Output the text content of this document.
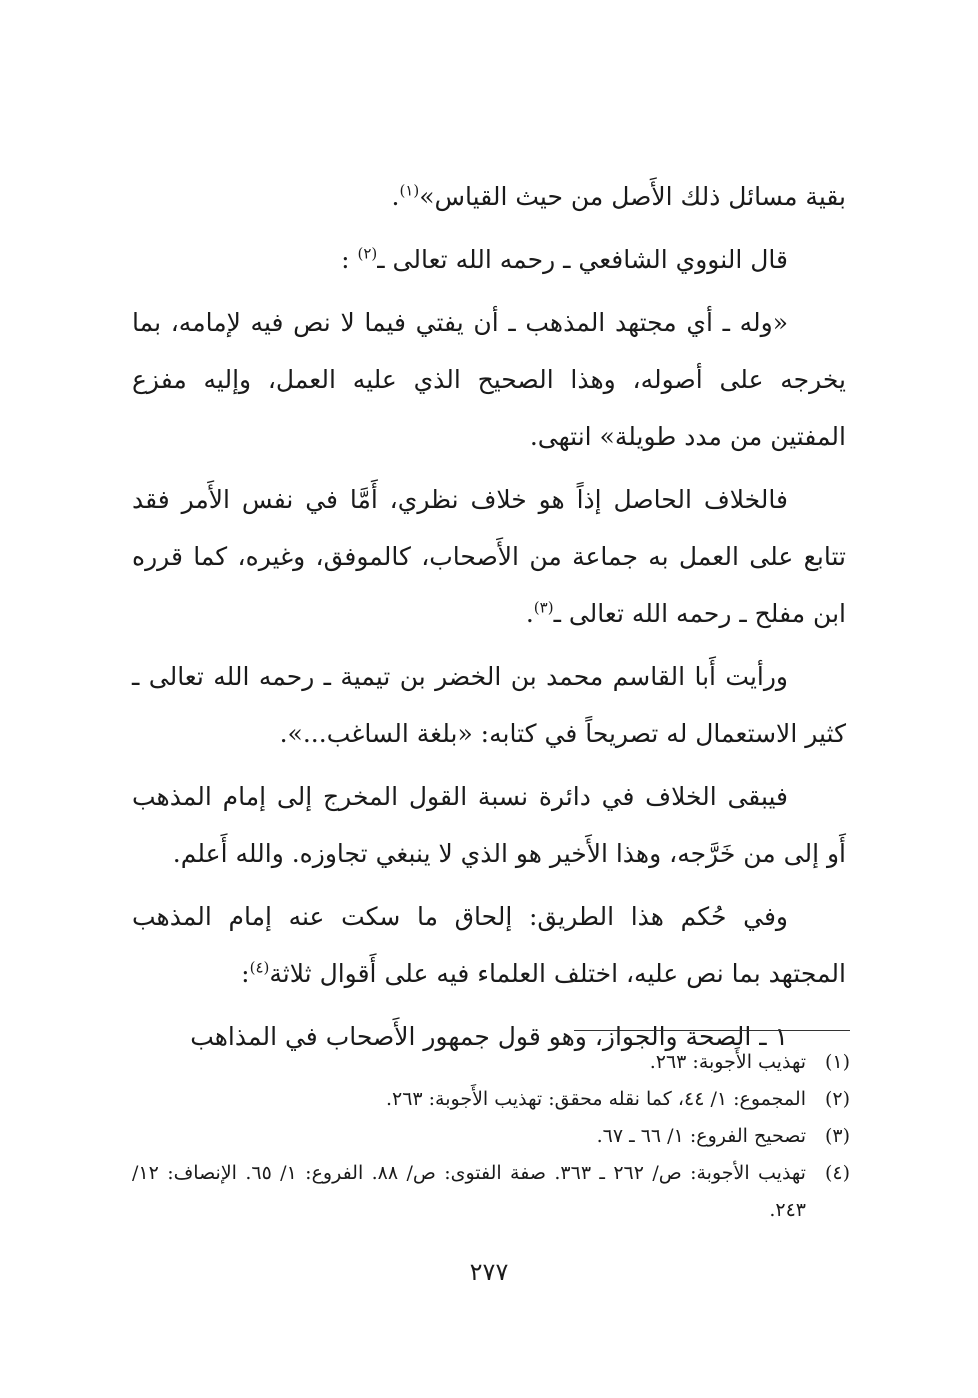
بقية مسائل ذلك الأَصل من حيث القياس»$^{(١)}$.

قال النووي الشافعي ـ رحمه الله تعالى ـ$^{(٢)}$ :

«وله ـ أي مجتهد المذهب ـ أن يفتي فيما لا نص فيه لإمامه، بما يخرجه على أصوله، وهذا الصحيح الذي عليه العمل، وإليه مفزع المفتين من مدد طويلة» انتهى.

فالخلاف الحاصل إذاً هو خلاف نظري، أَمَّا في نفس الأَمر فقد تتابع على العمل به جماعة من الأَصحاب، كالموفق، وغيره، كما قرره ابن مفلح ـ رحمه الله تعالى ـ$^{(٣)}$.

ورأيت أَبا القاسم محمد بن الخضر بن تيمية ـ رحمه الله تعالى ـ كثير الاستعمال له تصريحاً في كتابه: «بلغة الساغب...».

فيبقى الخلاف في دائرة نسبة القول المخرج إلى إمام المذهب أَو إلى من خَرَّجه، وهذا الأَخير هو الذي لا ينبغي تجاوزه. والله أَعلم.

وفي حُكم هذا الطريق: إلحاق ما سكت عنه إمام المذهب المجتهد بما نص عليه، اختلف العلماء فيه على أَقوال ثلاثة$^{(٤)}$:

١ ـ الصحة والجواز، وهو قول جمهور الأَصحاب في المذاهب

(١)
تهذيب الأَجوبة: ٢٦٣.
(٢)
المجموع: ١/ ٤٤، كما نقله محقق: تهذيب الأَجوبة: ٢٦٣.
(٣)
تصحيح الفروع: ١/ ٦٦ ـ ٦٧.
(٤)
تهذيب الأجوبة: ص/ ٢٦٢ ـ ٣٦٣. صفة الفتوى: ص/ ٨٨. الفروع: ١/ ٦٥. الإنصاف: ١٢/ ٢٤٣.
٢٧٧
